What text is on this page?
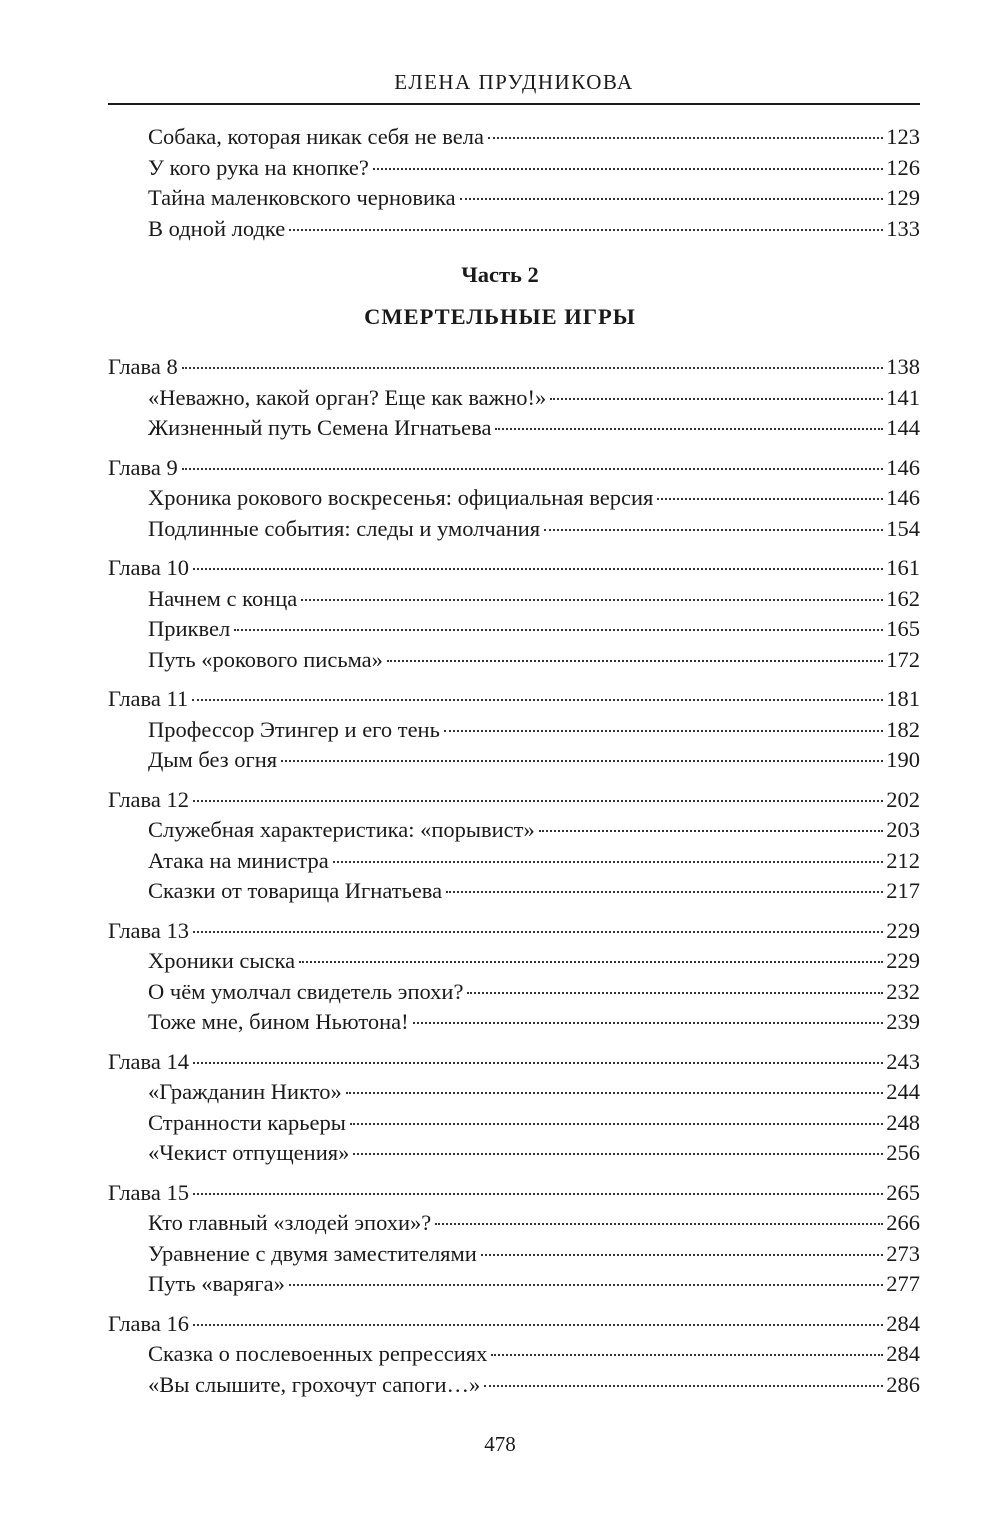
ЕЛЕНА ПРУДНИКОВА
Собака, которая никак себя не вела	123
У кого рука на кнопке?	126
Тайна маленковского черновика	129
В одной лодке	133
Часть 2
СМЕРТЕЛЬНЫЕ ИГРЫ
Глава 8	138
«Неважно, какой орган? Еще как важно!»	141
Жизненный путь Семена Игнатьева	144
Глава 9	146
Хроника рокового воскресенья: официальная версия	146
Подлинные события: следы и умолчания	154
Глава 10	161
Начнем с конца	162
Приквел	165
Путь «рокового письма»	172
Глава 11	181
Профессор Этингер и его тень	182
Дым без огня	190
Глава 12	202
Служебная характеристика: «порывист»	203
Атака на министра	212
Сказки от товарища Игнатьева	217
Глава 13	229
Хроники сыска	229
О чём умолчал свидетель эпохи?	232
Тоже мне, бином Ньютона!	239
Глава 14	243
«Гражданин Никто»	244
Странности карьеры	248
«Чекист отпущения»	256
Глава 15	265
Кто главный «злодей эпохи»?	266
Уравнение с двумя заместителями	273
Путь «варяга»	277
Глава 16	284
Сказка о послевоенных репрессиях	284
«Вы слышите, грохочут сапоги…»	286
478
